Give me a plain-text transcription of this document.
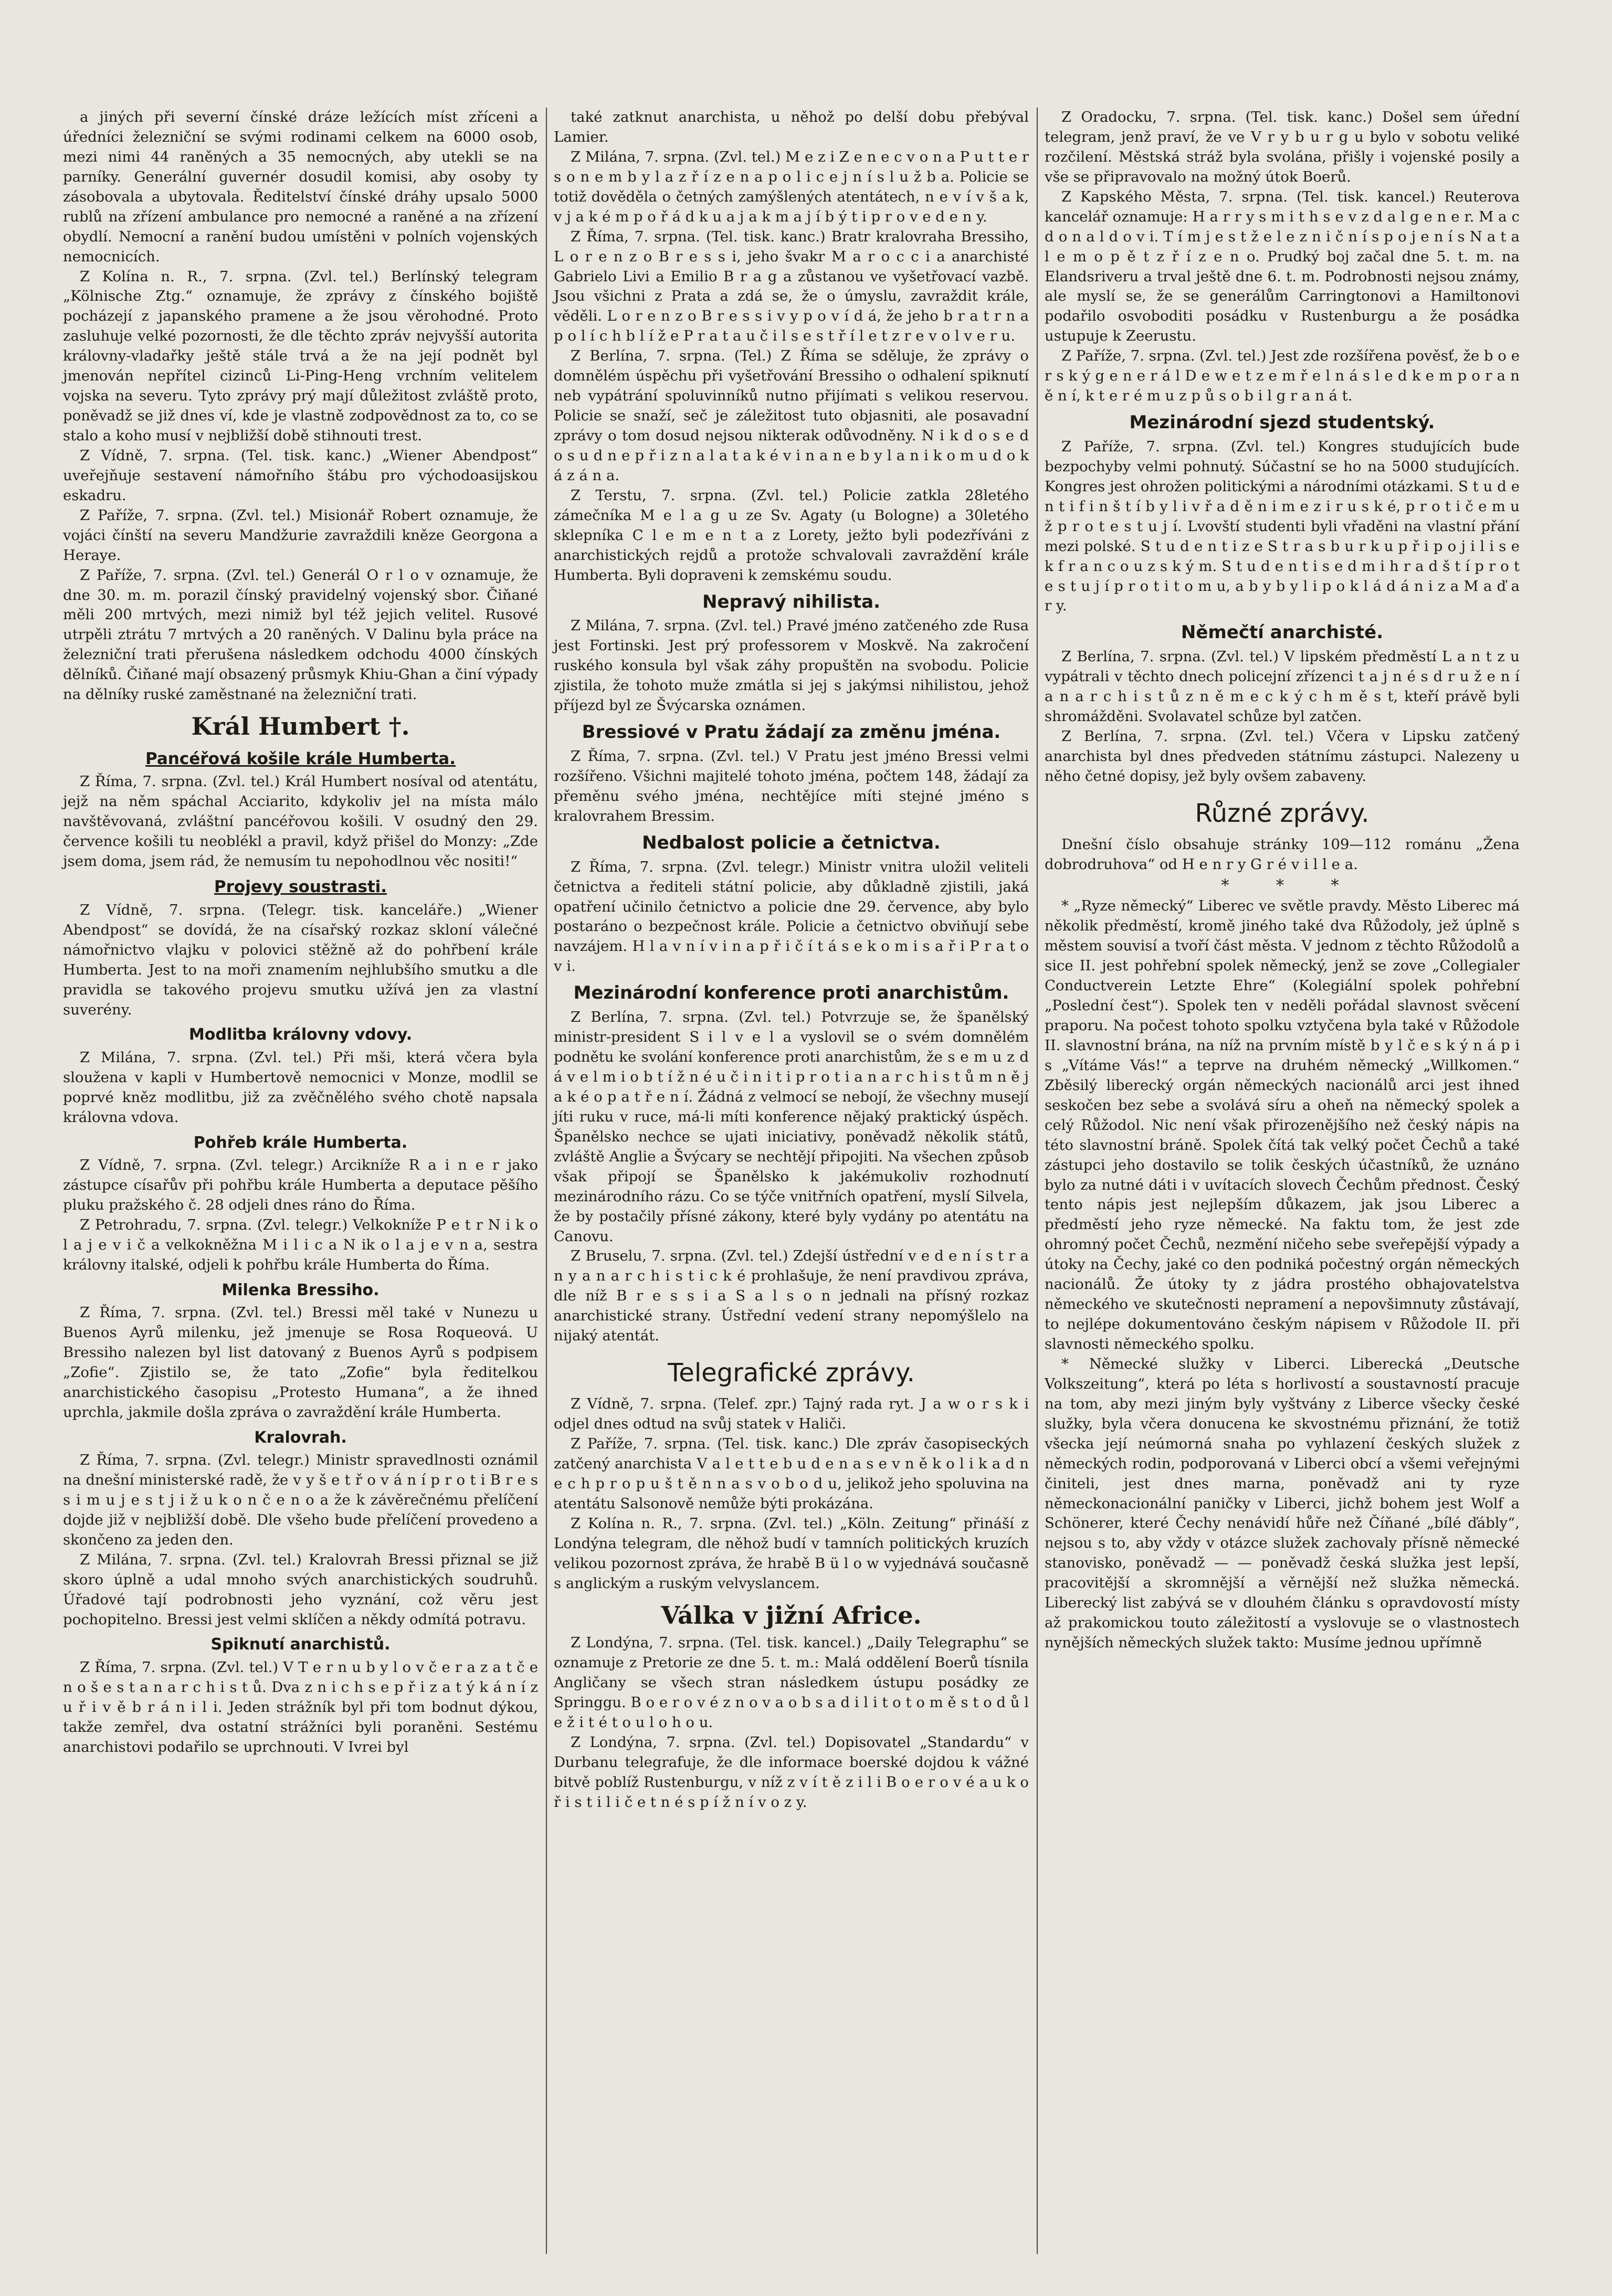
a jiných při severní čínské dráze ležících míst zříceni a úředníci železniční se svými rodinami celkem na 6000 osob, mezi nimi 44 raněných a 35 nemocných, aby utekli se na parníky. Generální guvernér dosudil komisi, aby osoby ty zásobovala a ubytovala. Ředitelství čínské dráhy upsalo 5000 rublů na zřízení ambulance pro nemocné a raněné a na zřízení obydlí. Nemocní a ranění budou umístěni v polních vojenských nemocnicích.

Z Kolína n. R., 7. srpna. (Zvl. tel.) Berlínský telegram „Kölnische Ztg.“ oznamuje, že zprávy z čínského bojiště pocházejí z japanského pramene a že jsou věrohodné. Proto zasluhuje velké pozornosti, že dle těchto zpráv nejvyšší autorita královny-vladařky ještě stále trvá a že na její podnět byl jmenován nepřítel cizinců Li-Ping-Heng vrchním velitelem vojska na severu. Tyto zprávy prý mají důležitost zvláště proto, poněvadž se již dnes ví, kde je vlastně zodpovědnost za to, co se stalo a koho musí v nejbližší době stihnouti trest.

Z Vídně, 7. srpna. (Tel. tisk. kanc.) „Wiener Abendpost“ uveřejňuje sestavení námořního štábu pro východoasijskou eskadru.

Z Paříže, 7. srpna. (Zvl. tel.) Misionář Robert oznamuje, že vojáci čínští na severu Mandžurie zavraždili kněze Georgona a Heraye.

Z Paříže, 7. srpna. (Zvl. tel.) Generál O r l o v oznamuje, že dne 30. m. m. porazil čínský pravidelný vojenský sbor. Čiňané měli 200 mrtvých, mezi nimiž byl též jejich velitel. Rusové utrpěli ztrátu 7 mrtvých a 20 raněných. V Dalinu byla práce na železniční trati přerušena následkem odchodu 4000 čínských dělníků. Čiňané mají obsazený průsmyk Khiu-Ghan a činí výpady na dělníky ruské zaměstnané na železniční trati.

Král Humbert †.
Pancéřová košile krále Humberta.

Z Říma, 7. srpna. (Zvl. tel.) Král Humbert nosíval od atentátu, jejž na něm spáchal Acciarito, kdykoliv jel na místa málo navštěvovaná, zvláštní pancéřovou košili. V osudný den 29. července košili tu neoblékl a pravil, když přišel do Monzy: „Zde jsem doma, jsem rád, že nemusím tu nepohodlnou věc nositi!“

Projevy soustrasti.

Z Vídně, 7. srpna. (Telegr. tisk. kanceláře.) „Wiener Abendpost“ se dovídá, že na císařský rozkaz skloní válečné námořnictvo vlajku v polovici stěžně až do pohřbení krále Humberta. Jest to na moři znamením nejhlubšího smutku a dle pravidla se takového projevu smutku užívá jen za vlastní suverény.

Modlitba královny vdovy.

Z Milána, 7. srpna. (Zvl. tel.) Při mši, která včera byla sloužena v kapli v Humbertově nemocnici v Monze, modlil se poprvé kněz modlitbu, již za zvěčnělého svého chotě napsala královna vdova.

Pohřeb krále Humberta.

Z Vídně, 7. srpna. (Zvl. telegr.) Arcikníže R a i n e r jako zástupce císařův při pohřbu krále Humberta a deputace pěšího pluku pražského č. 28 odjeli dnes ráno do Říma.

Z Petrohradu, 7. srpna. (Zvl. telegr.) Velkokníže P e t r N i k o l a j e v i č a velkokněžna M i l i c a N ik o l a j e v n a, sestra královny italské, odjeli k pohřbu krále Humberta do Říma.

Milenka Bressiho.

Z Říma, 7. srpna. (Zvl. tel.) Bressi měl také v Nunezu u Buenos Ayrů milenku, jež jmenuje se Rosa Roqueová. U Bressiho nalezen byl list datovaný z Buenos Ayrů s podpisem „Zofie“. Zjistilo se, že tato „Zofie“ byla ředitelkou anarchistického časopisu „Protesto Humana“, a že ihned uprchla, jakmile došla zpráva o zavraždění krále Humberta.

Kralovrah.

Z Říma, 7. srpna. (Zvl. telegr.) Ministr spravedlnosti oznámil na dnešní ministerské radě, že v y š e t ř o v á n í p r o t i B r e s s i m u j e s t j i ž u k o n č e n o a že k závěrečnému přelíčení dojde již v nejbližší době. Dle všeho bude přelíčení provedeno a skončeno za jeden den.

Z Milána, 7. srpna. (Zvl. tel.) Kralovrah Bressi přiznal se již skoro úplně a udal mnoho svých anarchistických soudruhů. Úřadové tají podrobnosti jeho vyznání, což věru jest pochopitelno. Bressi jest velmi sklíčen a někdy odmítá potravu.

Spiknutí anarchistů.

Z Říma, 7. srpna. (Zvl. tel.) V T e r n u b y l o v č e r a z a t č e n o š e s t a n a r c h i s t ů. Dva z n i c h s e p ř i z a t ý k á n í z u ř i v ě b r á n i l i. Jeden strážník byl při tom bodnut dýkou, takže zemřel, dva ostatní strážníci byli poraněni. Sestému anarchistovi podařilo se uprchnouti. V Ivrei byl

také zatknut anarchista, u něhož po delší dobu přebýval Lamier.

Z Milána, 7. srpna. (Zvl. tel.) M e z i Z e n e c v o n a P u t t e r s o n e m b y l a z ř í z e n a p o l i c e j n í s l u ž b a. Policie se totiž dověděla o četných zamýšlených atentátech, n e v í v š a k, v j a k é m p o ř á d k u a j a k m a j í b ý t i p r o v e d e n y.

Z Říma, 7. srpna. (Tel. tisk. kanc.) Bratr kralovraha Bressiho, L o r e n z o B r e s s i, jeho švakr M a r o c c i a anarchisté Gabrielo Livi a Emilio B r a g a zůstanou ve vyšetřovací vazbě. Jsou všichni z Prata a zdá se, že o úmyslu, zavraždit krále, věděli. L o r e n z o B r e s s i v y p o v í d á, že jeho b r a t r n a p o l í c h b l í ž e P r a t a u č i l s e s t ř í l e t z r e v o l v e r u.

Z Berlína, 7. srpna. (Tel.) Z Říma se sděluje, že zprávy o domnělém úspěchu při vyšetřování Bressiho o odhalení spiknutí neb vypátrání spoluvinníků nutno přijímati s velikou reservou. Policie se snaží, seč je záležitost tuto objasniti, ale posavadní zprávy o tom dosud nejsou nikterak odůvodněny. N i k d o s e d o s u d n e p ř i z n a l a t a k é v i n a n e b y l a n i k o m u d o k á z á n a.

Z Terstu, 7. srpna. (Zvl. tel.) Policie zatkla 28letého zámečníka M e l a g u ze Sv. Agaty (u Bologne) a 30letého sklepníka C l e m e n t a z Lorety, ježto byli podezříváni z anarchistických rejdů a protože schvalovali zavraždění krále Humberta. Byli dopraveni k zemskému soudu.

Nepravý nihilista.

Z Milána, 7. srpna. (Zvl. tel.) Pravé jméno zatčeného zde Rusa jest Fortinski. Jest prý professorem v Moskvě. Na zakročení ruského konsula byl však záhy propuštěn na svobodu. Policie zjistila, že tohoto muže zmátla si jej s jakýmsi nihilistou, jehož příjezd byl ze Švýcarska oznámen.

Bressiové v Pratu žádají za změnu jména.

Z Říma, 7. srpna. (Zvl. tel.) V Pratu jest jméno Bressi velmi rozšířeno. Všichni majitelé tohoto jména, počtem 148, žádají za přeměnu svého jména, nechtějíce míti stejné jméno s kralovrahem Bressim.

Nedbalost policie a četnictva.

Z Říma, 7. srpna. (Zvl. telegr.) Ministr vnitra uložil veliteli četnictva a řediteli státní policie, aby důkladně zjistili, jaká opatření učinilo četnictvo a policie dne 29. července, aby bylo postaráno o bezpečnost krále. Policie a četnictvo obviňují sebe navzájem. H l a v n í v i n a p ř i č í t á s e k o m i s a ř i P r a t o v i.

Mezinárodní konference proti anarchistům.

Z Berlína, 7. srpna. (Zvl. tel.) Potvrzuje se, že španělský ministr-president S i l v e l a vyslovil se o svém domnělém podnětu ke svolání konference proti anarchistům, že s e m u z d á v e l m i o b t í ž n é u č i n i t i p r o t i a n a r c h i s t ů m n ě j a k é o p a t ř e n í. Žádná z velmocí se nebojí, že všechny musejí jíti ruku v ruce, má-li míti konference nějaký praktický úspěch. Španělsko nechce se ujati iniciativy, poněvadž několik států, zvláště Anglie a Švýcary se nechtějí připojiti. Na všechen způsob však připojí se Španělsko k jakémukoliv rozhodnutí mezinárodního rázu. Co se týče vnitřních opatření, myslí Silvela, že by postačily přísné zákony, které byly vydány po atentátu na Canovu.

Z Bruselu, 7. srpna. (Zvl. tel.) Zdejší ústřední v e d e n í s t r a n y a n a r c h i s t i c k é prohlašuje, že není pravdivou zpráva, dle níž B r e s s i a S a l s o n jednali na přísný rozkaz anarchistické strany. Ústřední vedení strany nepomýšlelo na nijaký atentát.

Telegrafické zprávy.

Z Vídně, 7. srpna. (Telef. zpr.) Tajný rada ryt. J a w o r s k i odjel dnes odtud na svůj statek v Haliči.

Z Paříže, 7. srpna. (Tel. tisk. kanc.) Dle zpráv časopiseckých zatčený anarchista V a l e t t e b u d e n a s e v n ě k o l i k a d n e c h p r o p u š t ě n n a s v o b o d u, jelikož jeho spoluvina na atentátu Salsonově nemůže býti prokázána.

Z Kolína n. R., 7. srpna. (Zvl. tel.) „Köln. Zeitung“ přináší z Londýna telegram, dle něhož budí v tamních politických kruzích velikou pozornost zpráva, že hrabě B ü l o w vyjednává současně s anglickým a ruským velvyslancem.

Válka v jižní Africe.

Z Londýna, 7. srpna. (Tel. tisk. kancel.) „Daily Telegraphu“ se oznamuje z Pretorie ze dne 5. t. m.: Malá oddělení Boerů tísnila Angličany se všech stran následkem ústupu posádky ze Springgu. B o e r o v é z n o v a o b s a d i l i t o t o m ě s t o d ů l e ž i t é t o u l o h o u.

Z Londýna, 7. srpna. (Zvl. tel.) Dopisovatel „Standardu“ v Durbanu telegrafuje, že dle informace boerské dojdou k vážné bitvě poblíž Rustenburgu, v níž z v í t ě z i l i B o e r o v é a u k o ř i s t i l i č e t n é s p í ž n í v o z y.

Z Oradocku, 7. srpna. (Tel. tisk. kanc.) Došel sem úřední telegram, jenž praví, že ve V r y b u r g u bylo v sobotu veliké rozčilení. Městská stráž byla svolána, přišly i vojenské posily a vše se připravovalo na možný útok Boerů.

Z Kapského Města, 7. srpna. (Tel. tisk. kancel.) Reuterova kancelář oznamuje: H a r r y s m i t h s e v z d a l g e n e r. M a c d o n a l d o v i. T í m j e s t ž e l e z n i č n í s p o j e n í s N a t a l e m o p ě t z ř í z e n o. Prudký boj začal dne 5. t. m. na Elandsriveru a trval ještě dne 6. t. m. Podrobnosti nejsou známy, ale myslí se, že se generálům Carringtonovi a Hamiltonovi podařilo osvoboditi posádku v Rustenburgu a že posádka ustupuje k Zeerustu.

Z Paříže, 7. srpna. (Zvl. tel.) Jest zde rozšířena pověsť, že b o e r s k ý g e n e r á l D e w e t z e m ř e l n á s l e d k e m p o r a n ě n í, k t e r é m u z p ů s o b i l g r a n á t.

Mezinárodní sjezd studentský.

Z Paříže, 7. srpna. (Zvl. tel.) Kongres studujících bude bezpochyby velmi pohnutý. Súčastní se ho na 5000 studujících. Kongres jest ohrožen politickými a národními otázkami. S t u d e n t i f i n š t í b y l i v ř a d ě n i m e z i r u s k é, p r o t i č e m u ž p r o t e s t u j í. Lvovští studenti byli vřaděni na vlastní přání mezi polské. S t u d e n t i z e S t r a s b u r k u p ř i p o j i l i s e k f r a n c o u z s k ý m. S t u d e n t i s e d m i h r a d š t í p r o t e s t u j í p r o t i t o m u, a b y b y l i p o k l á d á n i z a M a ď a r y.

Němečtí anarchisté.

Z Berlína, 7. srpna. (Zvl. tel.) V lipském předměstí L a n t z u vypátrali v těchto dnech policejní zřízenci t a j n é s d r u ž e n í a n a r c h i s t ů z n ě m e c k ý c h m ě s t, kteří právě byli shromážděni. Svolavatel schůze byl zatčen.

Z Berlína, 7. srpna. (Zvl. tel.) Včera v Lipsku zatčený anarchista byl dnes předveden státnímu zástupci. Nalezeny u něho četné dopisy, jež byly ovšem zabaveny.

Různé zprávy.

Dnešní číslo obsahuje stránky 109—112 románu „Žena dobrodruhova“ od H e n r y G r é v i l l e a.

* * *

* „Ryze německý“ Liberec ve světle pravdy. Město Liberec má několik předměstí, kromě jiného také dva Růžodoly, jež úplně s městem souvisí a tvoří část města. V jednom z těchto Růžodolů a sice II. jest pohřební spolek německý, jenž se zove „Collegialer Conductverein Letzte Ehre“ (Kolegiální spolek pohřební „Poslední čest“). Spolek ten v neděli pořádal slavnost svěcení praporu. Na počest tohoto spolku vztyčena byla také v Růžodole II. slavnostní brána, na níž na prvním místě b y l č e s k ý n á p i s „Vítáme Vás!“ a teprve na druhém německý „Willkomen.“ Zběsilý liberecký orgán německých nacionálů arci jest ihned seskočen bez sebe a svolává síru a oheň na německý spolek a celý Růžodol. Nic není však přirozenějšího než český nápis na této slavnostní bráně. Spolek čítá tak velký počet Čechů a také zástupci jeho dostavilo se tolik českých účastníků, že uznáno bylo za nutné dáti i v uvítacích slovech Čechům přednost. Český tento nápis jest nejlepším důkazem, jak jsou Liberec a předměstí jeho ryze německé. Na faktu tom, že jest zde ohromný počet Čechů, nezmění ničeho sebe sveřepější výpady a útoky na Čechy, jaké co den podniká počestný orgán německých nacionálů. Že útoky ty z jádra prostého obhajovatelstva německého ve skutečnosti nepramení a nepovšimnuty zůstávají, to nejlépe dokumentováno českým nápisem v Růžodole II. při slavnosti německého spolku.

* Německé služky v Liberci. Liberecká „Deutsche Volkszeitung“, která po léta s horlivostí a soustavností pracuje na tom, aby mezi jiným byly vyštvány z Liberce všecky české služky, byla včera donucena ke skvostnému přiznání, že totiž všecka její neúmorná snaha po vyhlazení českých služek z německých rodin, podporovaná v Liberci obcí a všemi veřejnými činiteli, jest dnes marna, poněvadž ani ty ryze německonacionální paničky v Liberci, jichž bohem jest Wolf a Schönerer, které Čechy nenávidí hůře než Číňané „bílé ďábly“, nejsou s to, aby vždy v otázce služek zachovaly přísně německé stanovisko, poněvadž — — poněvadž česká služka jest lepší, pracovitější a skromnější a věrnější než služka německá. Liberecký list zabývá se v dlouhém článku s opravdovostí místy až prakomickou touto záležitostí a vyslovuje se o vlastnostech nynějších německých služek takto: Musíme jednou upřímně
